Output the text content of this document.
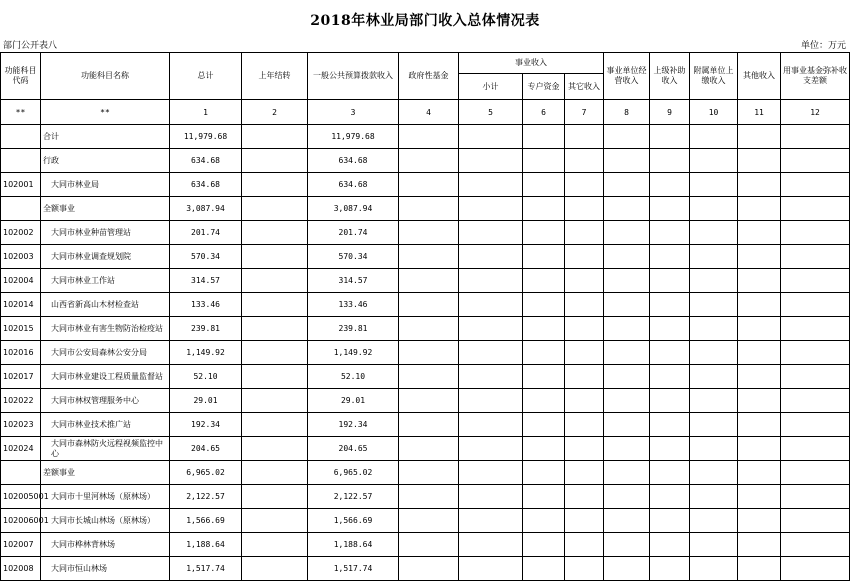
2018年林业局部门收入总体情况表
部门公开表八	单位：万元
功能科目代码	功能科目名称	总计	上年结转	一般公共预算拨款收入	政府性基金	事业收入			事业单位经营收入	上级补助收入	附属单位上缴收入	其他收入	用事业基金弥补收支差额
						小计	专户资金	其它收入					
**	**	1	2	3	4	5	6	7	8	9	10	11	12
	合计	11,979.68		11,979.68									
	行政	634.68		634.68									
102001	大同市林业局	634.68		634.68									
	全额事业	3,087.94		3,087.94									
102002	大同市林业种苗管理站	201.74		201.74									
102003	大同市林业调查规划院	570.34		570.34									
102004	大同市林业工作站	314.57		314.57									
102014	山西省新高山木材检查站	133.46		133.46									
102015	大同市林业有害生物防治检疫站	239.81		239.81									
102016	大同市公安局森林公安分局	1,149.92		1,149.92									
102017	大同市林业建设工程质量监督站	52.10		52.10									
102022	大同市林权管理服务中心	29.01		29.01									
102023	大同市林业技术推广站	192.34		192.34									
102024	大同市森林防火远程视频监控中心	204.65		204.65									
	差额事业	6,965.02		6,965.02									
102005001	大同市十里河林场（原林场）	2,122.57		2,122.57									
102006001	大同市长城山林场（原林场）	1,566.69		1,566.69									
102007	大同市桦林背林场	1,188.64		1,188.64									
102008	大同市恒山林场	1,517.74		1,517.74									
